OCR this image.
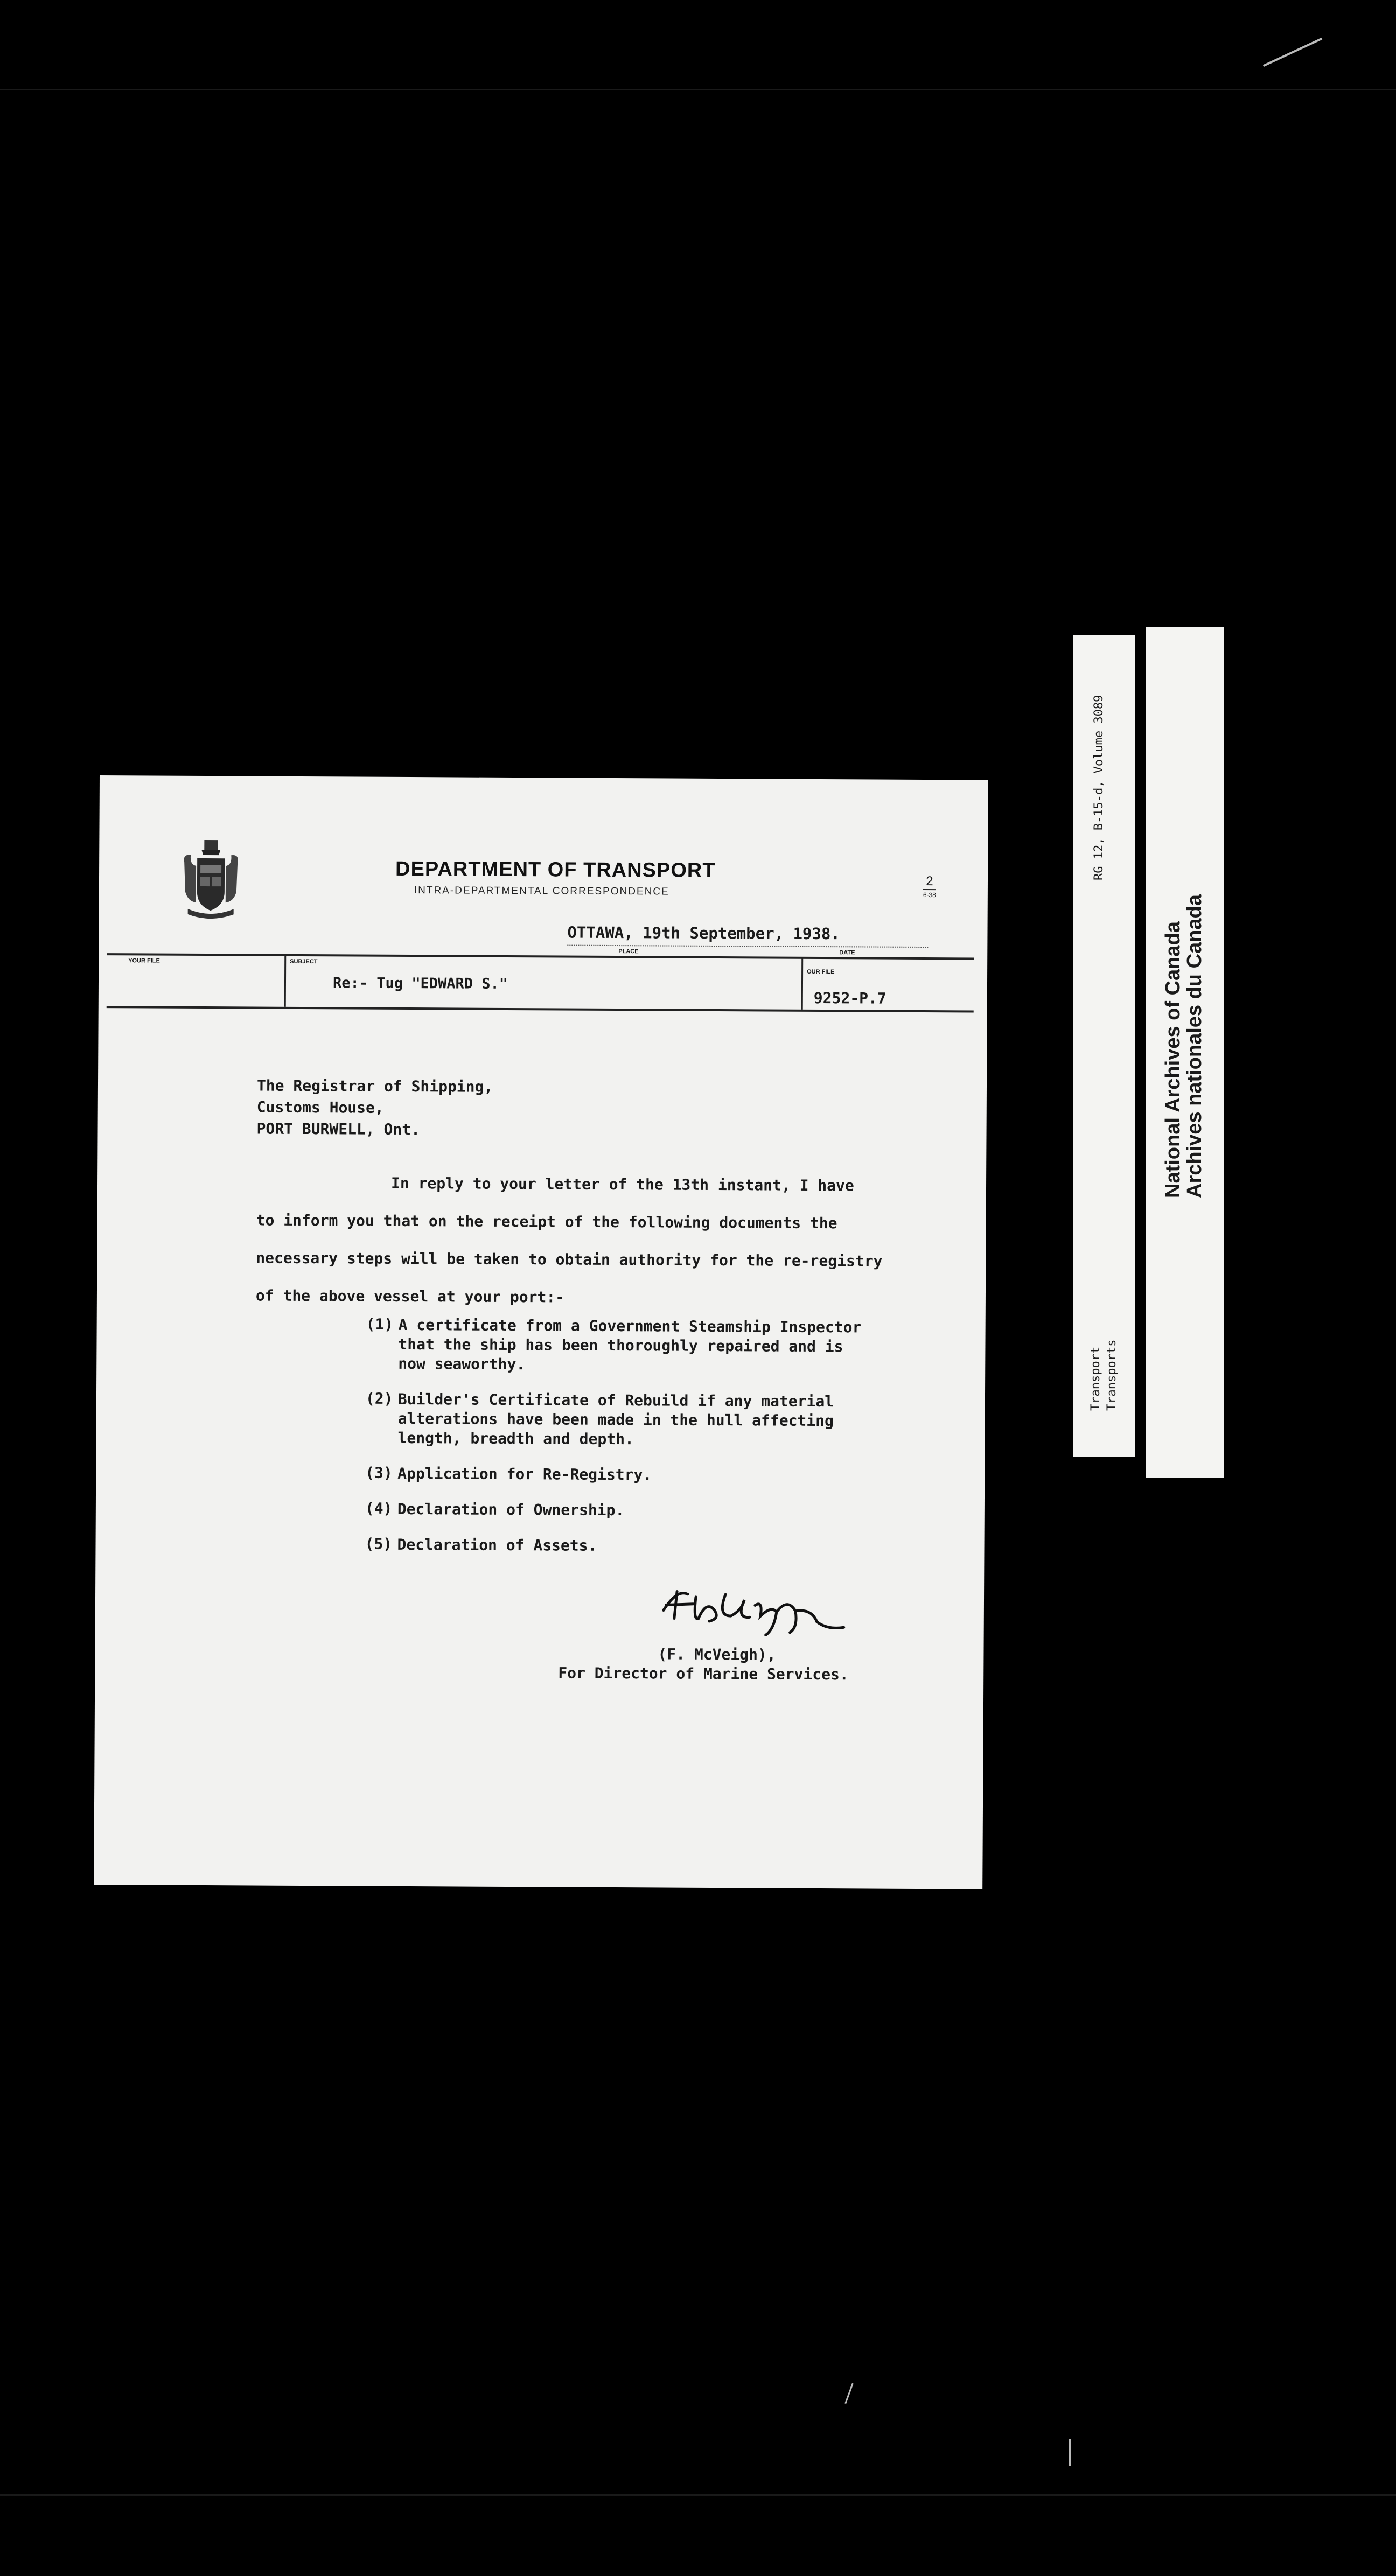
DEPARTMENT OF TRANSPORT
INTRA-DEPARTMENTAL CORRESPONDENCE
2
6-38
OTTAWA, 19th September, 1938.
PLACE	DATE
YOUR FILE	SUBJECT
OUR FILE
Re:- Tug "EDWARD S."
9252-P.7
The Registrar of Shipping,
Customs House,
PORT BURWELL, Ont.
In reply to your letter of the 13th instant, I have
to inform you that on the receipt of the following documents the
necessary steps will be taken to obtain authority for the re-registry
of the above vessel at your port:-
(1) A certificate from a Government Steamship Inspector
that the ship has been thoroughly repaired and is
now seaworthy.
(2) Builder's Certificate of Rebuild if any material
alterations have been made in the hull affecting
length, breadth and depth.
(3) Application for Re-Registry.
(4) Declaration of Ownership.
(5) Declaration of Assets.
(F. McVeigh),
For Director of Marine Services.
RG 12, B-15-d, Volume 3089
Transport Transports
National Archives of Canada
Archives nationales du Canada
